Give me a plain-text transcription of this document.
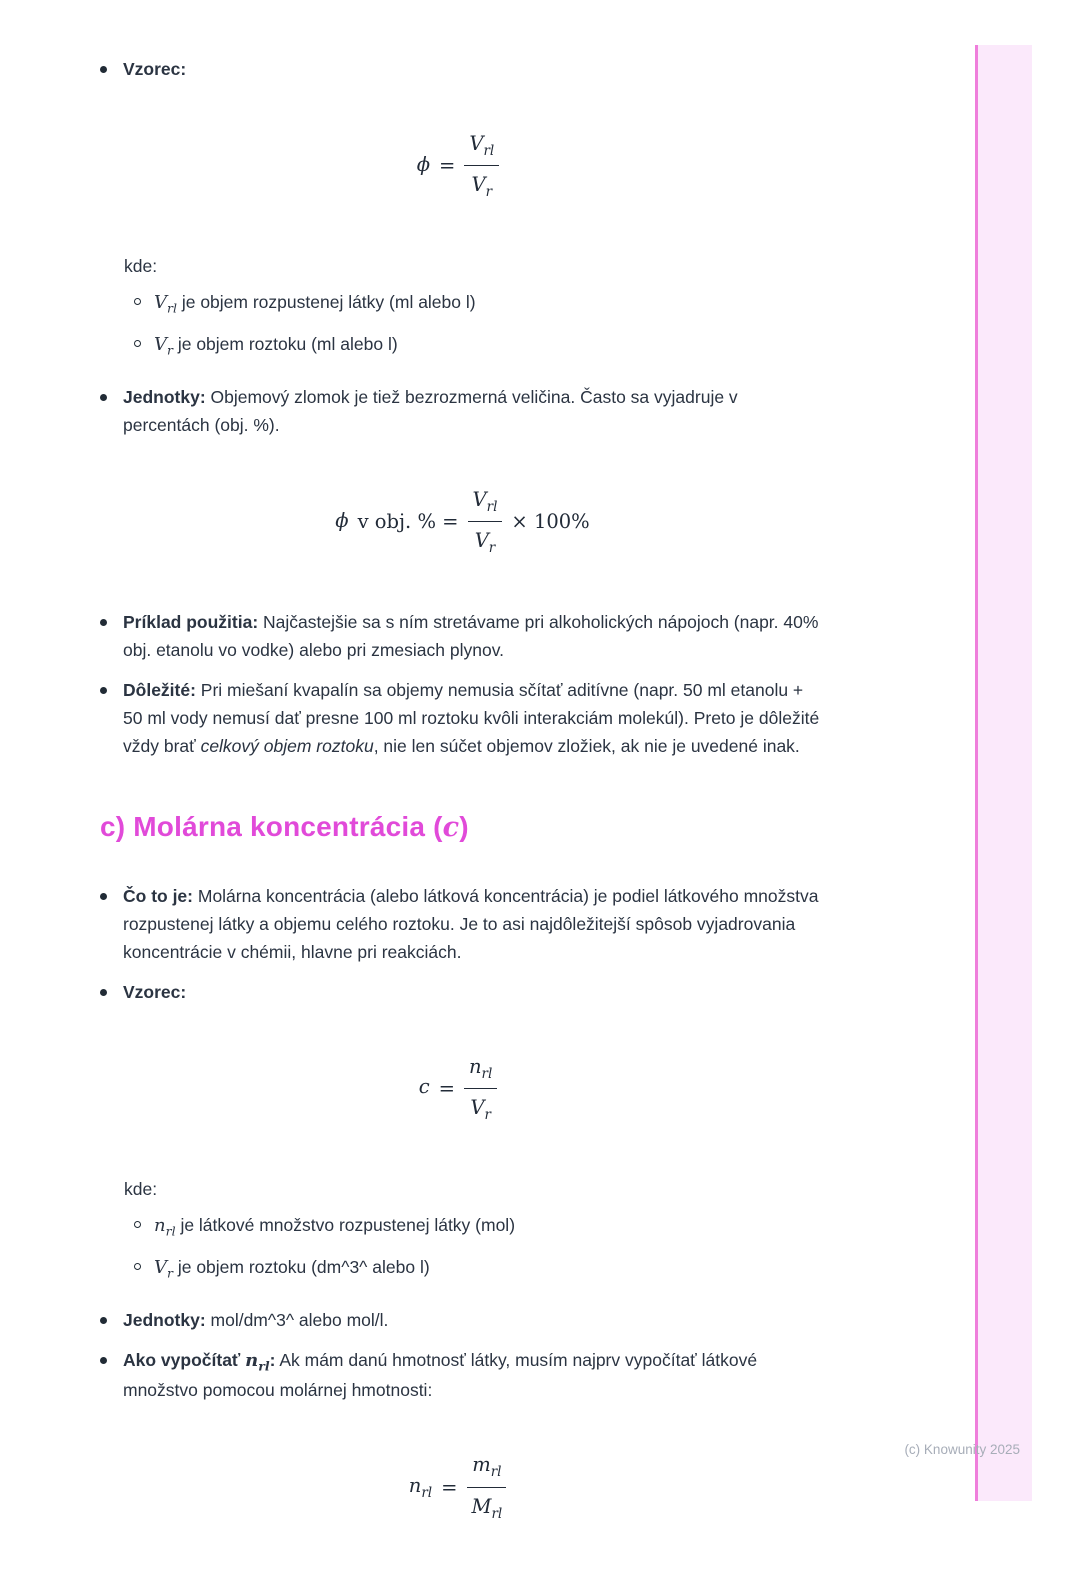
Vzorec:
$\phi = \frac{V_{rl}}{V_r}$
kde:
$V_{rl}$ je objem rozpustenej látky (ml alebo l)
$V_r$ je objem roztoku (ml alebo l)
Jednotky: Objemový zlomok je tiež bezrozmerná veličina. Často sa vyjadruje v percentách (obj. %).
ϕ v obj. % = $\frac{V_{rl}}{V_r} \times 100\%$
Príklad použitia: Najčastejšie sa s ním stretávame pri alkoholických nápojoch (napr. 40% obj. etanolu vo vodke) alebo pri zmesiach plynov.
Dôležité: Pri miešaní kvapalín sa objemy nemusia sčítať aditívne (napr. 50 ml etanolu + 50 ml vody nemusí dať presne 100 ml roztoku kvôli interakciám molekúl). Preto je dôležité vždy brať celkový objem roztoku, nie len súčet objemov zložiek, ak nie je uvedené inak.
c) Molárna koncentrácia (c)
Čo to je: Molárna koncentrácia (alebo látková koncentrácia) je podiel látkového množstva rozpustenej látky a objemu celého roztoku. Je to asi najdôležitejší spôsob vyjadrovania koncentrácie v chémii, hlavne pri reakciách.
Vzorec:
$c = \frac{n_{rl}}{V_r}$
kde:
$n_{rl}$ je látkové množstvo rozpustenej látky (mol)
$V_r$ je objem roztoku (dm^3^ alebo l)
Jednotky: mol/dm^3^ alebo mol/l.
Ako vypočítať $n_{rl}$: Ak mám danú hmotnosť látky, musím najprv vypočítať látkové množstvo pomocou molárnej hmotnosti:
$n_{rl} = \frac{m_{rl}}{M_{rl}}$	(c) Knowunity 2025
